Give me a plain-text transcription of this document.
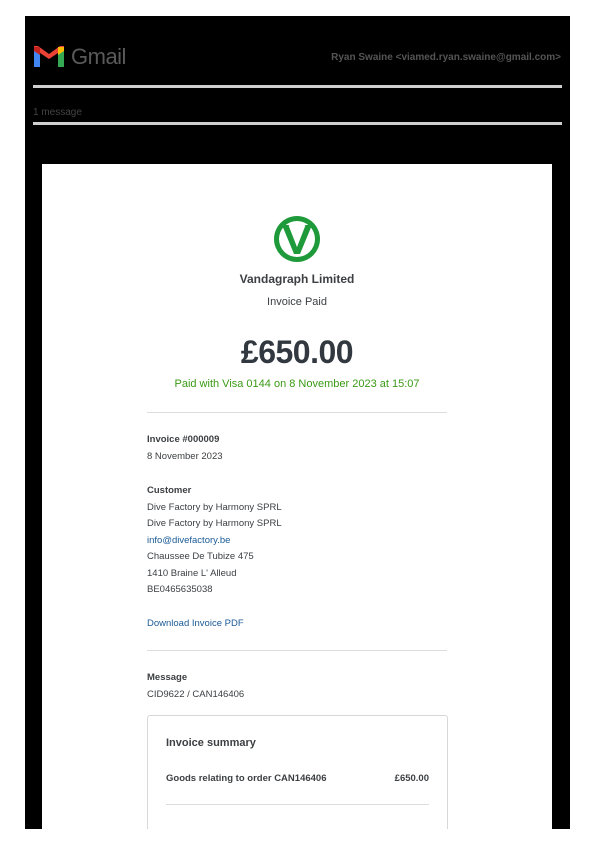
Gmail	Ryan Swaine <viamed.ryan.swaine@gmail.com>
1 message
Vandagraph Limited
Invoice Paid
£650.00
Paid with Visa 0144 on 8 November 2023 at 15:07
Invoice #000009
8 November 2023
Customer
Dive Factory by Harmony SPRL
Dive Factory by Harmony SPRL
info@divefactory.be
Chaussee De Tubize 475
1410 Braine L' Alleud
BE0465635038
Download Invoice PDF
Message
CID9622 / CAN146406
Invoice summary
Goods relating to order CAN146406	£650.00
